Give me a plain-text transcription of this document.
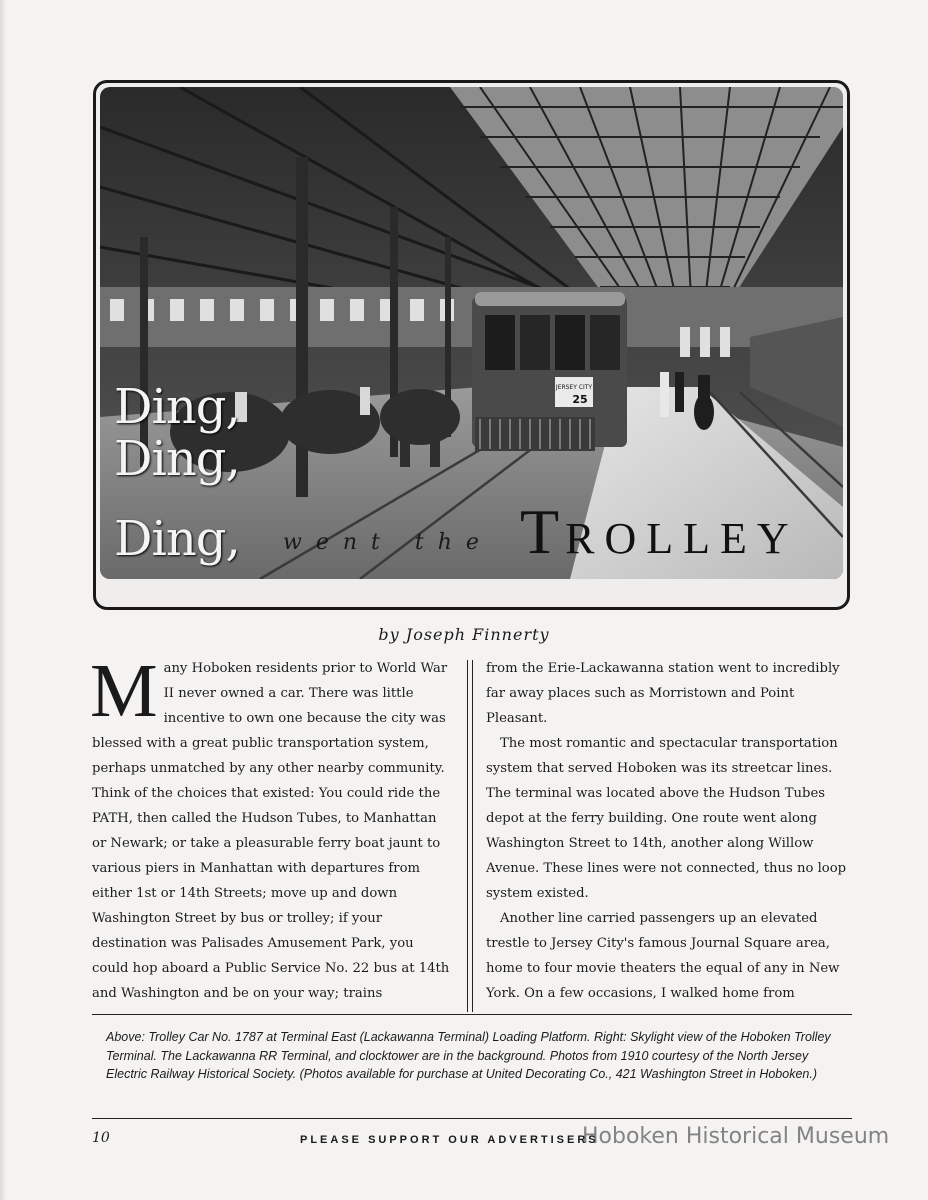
JERSEY CITY
25
Ding,
Ding,
Ding, went the TROLLEY
by Joseph Finnerty

Many Hoboken residents prior to World War II never owned a car. There was little incentive to own one because the city was blessed with a great public transportation system, perhaps unmatched by any other nearby community. Think of the choices that existed: You could ride the PATH, then called the Hudson Tubes, to Manhattan or Newark; or take a pleasurable ferry boat jaunt to various piers in Manhattan with departures from either 1st or 14th Streets; move up and down Washington Street by bus or trolley; if your destination was Palisades Amusement Park, you could hop aboard a Public Service No. 22 bus at 14th and Washington and be on your way; trains

from the Erie-Lackawanna station went to incredibly far away places such as Morristown and Point Pleasant.

The most romantic and spectacular transportation system that served Hoboken was its streetcar lines. The terminal was located above the Hudson Tubes depot at the ferry building. One route went along Washington Street to 14th, another along Willow Avenue. These lines were not connected, thus no loop system existed.

Another line carried passengers up an elevated trestle to Jersey City's famous Journal Square area, home to four movie theaters the equal of any in New York. On a few occasions, I walked home from

Above: Trolley Car No. 1787 at Terminal East (Lackawanna Terminal) Loading Platform. Right: Skylight view of the Hoboken Trolley Terminal. The Lackawanna RR Terminal, and clocktower are in the background. Photos from 1910 courtesy of the North Jersey Electric Railway Historical Society. (Photos available for purchase at United Decorating Co., 421 Washington Street in Hoboken.)
10	PLEASE SUPPORT OUR ADVERTISERS
Hoboken Historical Museum
